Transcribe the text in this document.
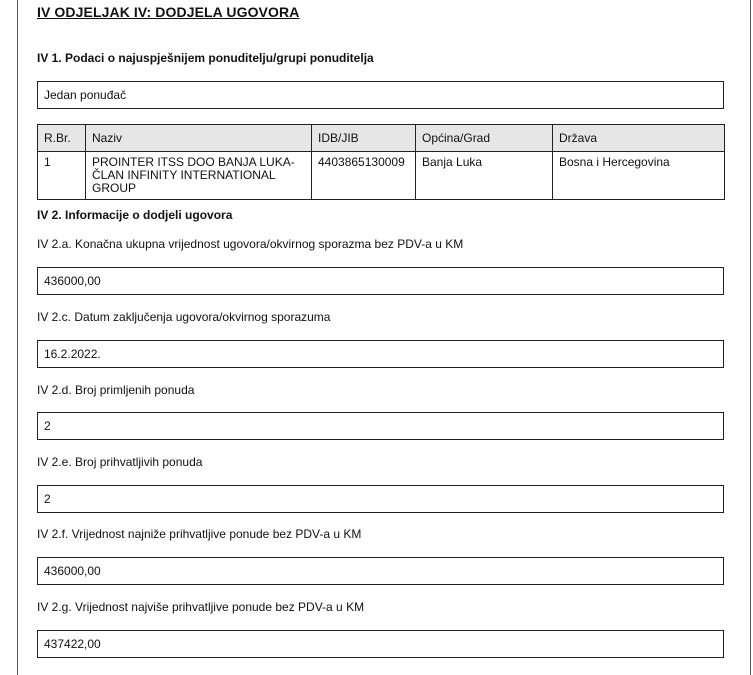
IV ODJELJAK IV: DODJELA UGOVORA
IV 1. Podaci o najuspješnijem ponuditelju/grupi ponuditelja
Jedan ponuđač
R.Br.	Naziv	IDB/JIB	Općina/Grad	Država
1	PROINTER ITSS DOO BANJA LUKA-ČLAN INFINITY INTERNATIONAL GROUP	4403865130009	Banja Luka	Bosna i Hercegovina
IV 2. Informacije o dodjeli ugovora
IV 2.a. Konačna ukupna vrijednost ugovora/okvirnog sporazma bez PDV-a u KM
436000,00
IV 2.c. Datum zaključenja ugovora/okvirnog sporazuma
16.2.2022.
IV 2.d. Broj primljenih ponuda
2
IV 2.e. Broj prihvatljivih ponuda
2
IV 2.f. Vrijednost najniže prihvatljive ponude bez PDV-a u KM
436000,00
IV 2.g. Vrijednost najviše prihvatljive ponude bez PDV-a u KM
437422,00
